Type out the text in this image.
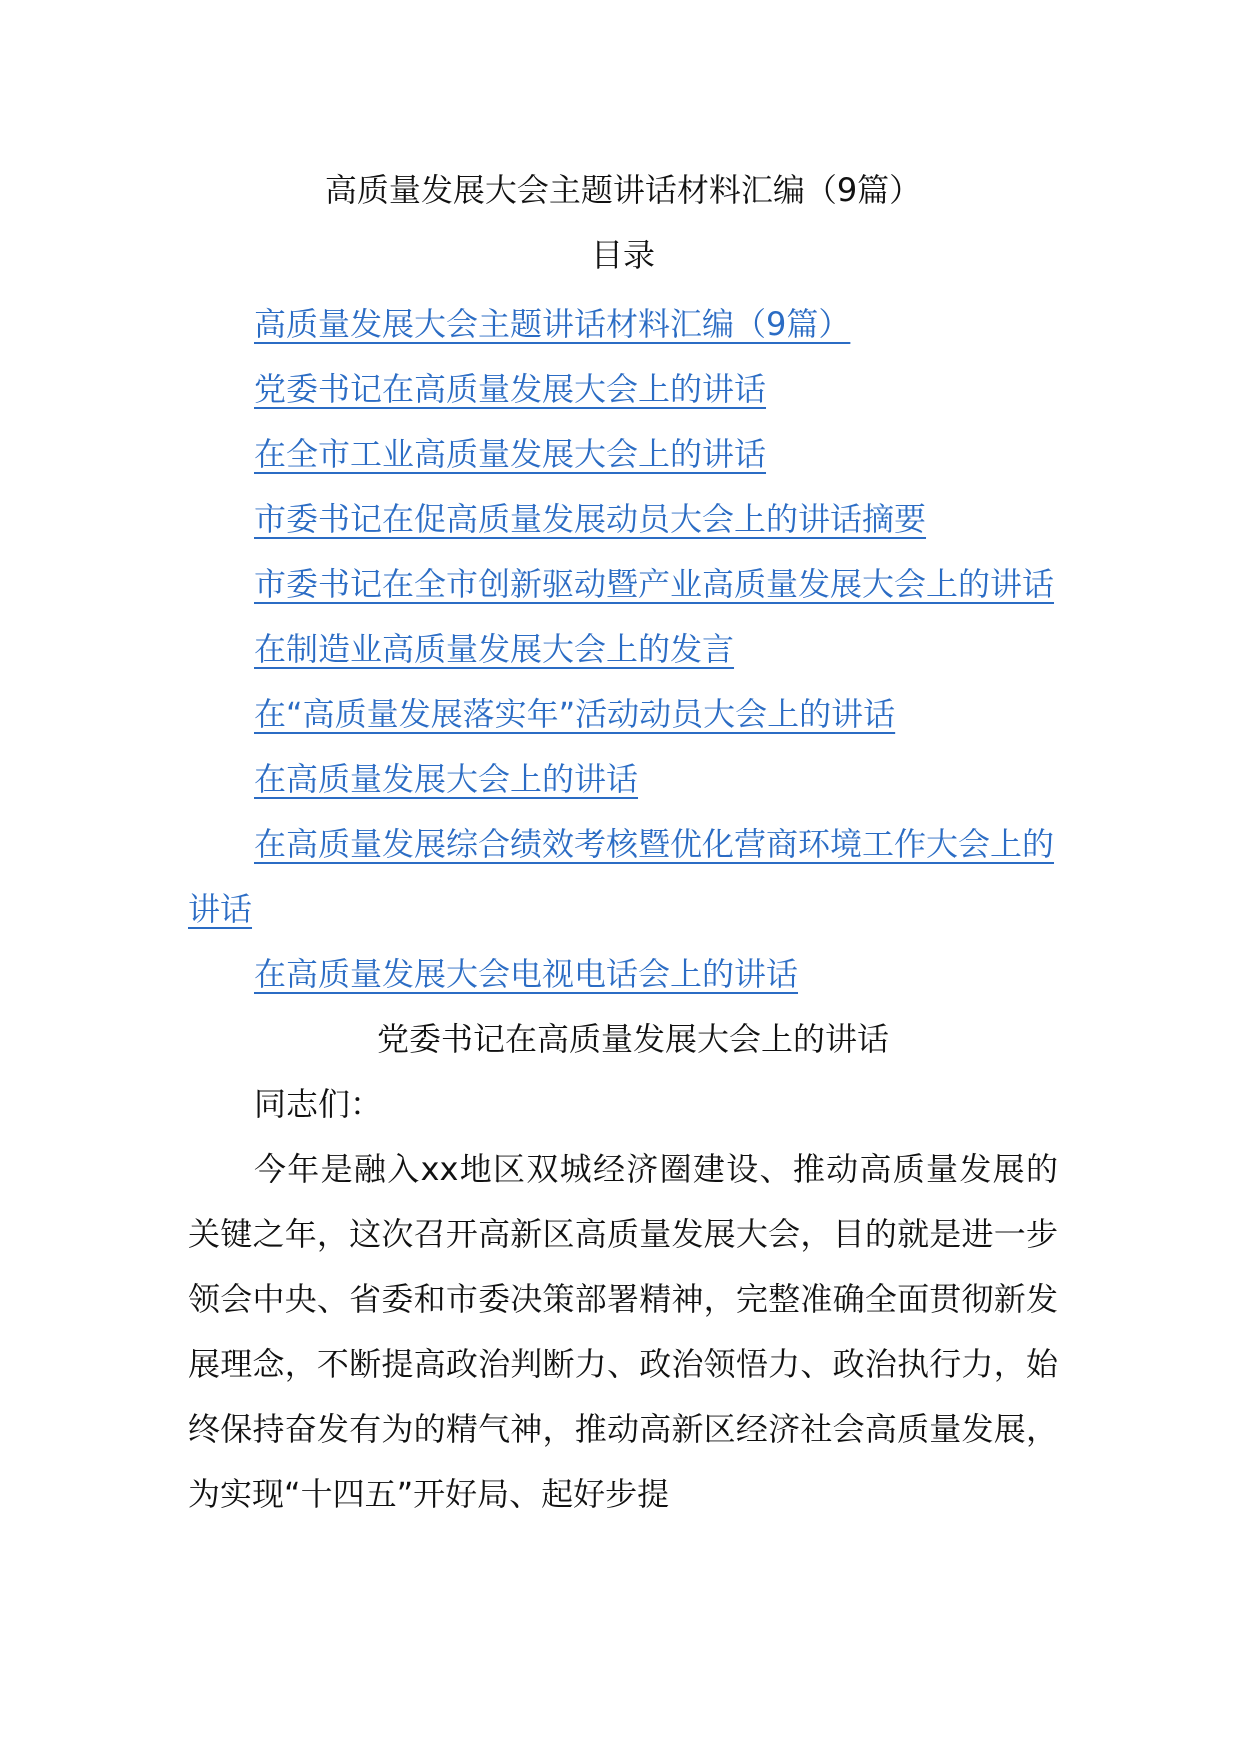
高质量发展大会主题讲话材料汇编（9篇）
目录
高质量发展大会主题讲话材料汇编（9篇）
党委书记在高质量发展大会上的讲话
在全市工业高质量发展大会上的讲话
市委书记在促高质量发展动员大会上的讲话摘要
市委书记在全市创新驱动暨产业高质量发展大会上的讲话
在制造业高质量发展大会上的发言
在“高质量发展落实年”活动动员大会上的讲话
在高质量发展大会上的讲话
在高质量发展综合绩效考核暨优化营商环境工作大会上的讲话
在高质量发展大会电视电话会上的讲话
党委书记在高质量发展大会上的讲话

同志们：

今年是融入xx地区双城经济圈建设、推动高质量发展的关键之年，这次召开高新区高质量发展大会，目的就是进一步领会中央、省委和市委决策部署精神，完整准确全面贯彻新发展理念，不断提高政治判断力、政治领悟力、政治执行力，始终保持奋发有为的精气神，推动高新区经济社会高质量发展，为实现“十四五”开好局、起好步提
